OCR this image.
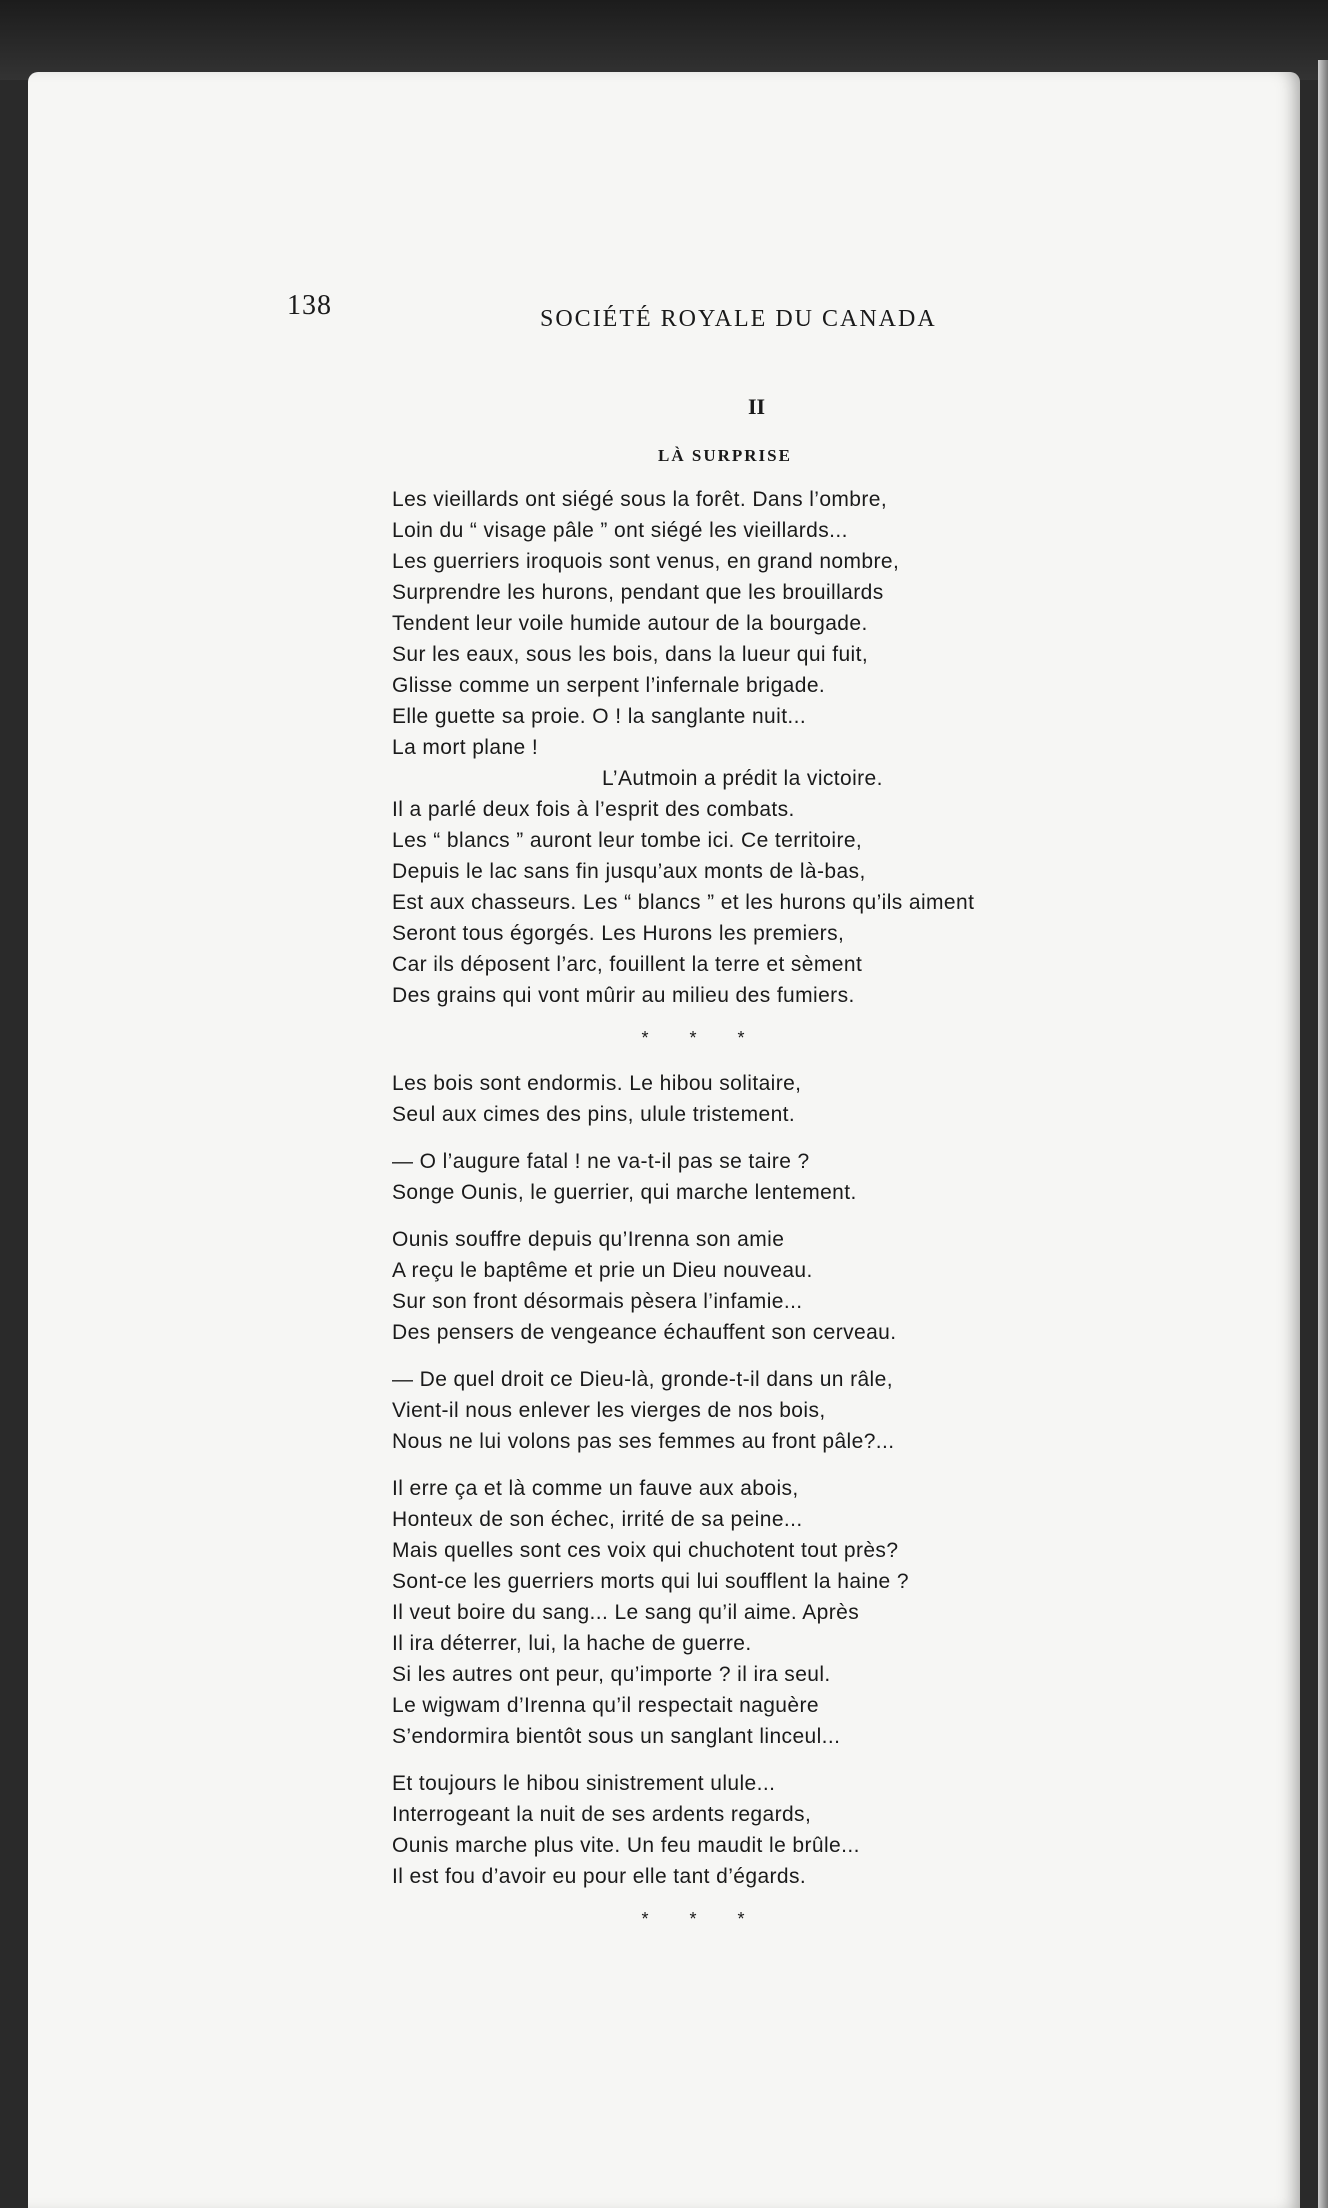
138	SOCIÉTÉ ROYALE DU CANADA
II
LÀ SURPRISE
Les vieillards ont siégé sous la forêt. Dans l’ombre,
Loin du “ visage pâle ” ont siégé les vieillards...
Les guerriers iroquois sont venus, en grand nombre,
Surprendre les hurons, pendant que les brouillards
Tendent leur voile humide autour de la bourgade.
Sur les eaux, sous les bois, dans la lueur qui fuit,
Glisse comme un serpent l’infernale brigade.
Elle guette sa proie. O ! la sanglante nuit...
La mort plane !
L’Autmoin a prédit la victoire.
Il a parlé deux fois à l’esprit des combats.
Les “ blancs ” auront leur tombe ici. Ce territoire,
Depuis le lac sans fin jusqu’aux monts de là-bas,
Est aux chasseurs. Les “ blancs ” et les hurons qu’ils aiment
Seront tous égorgés. Les Hurons les premiers,
Car ils déposent l’arc, fouillent la terre et sèment
Des grains qui vont mûrir au milieu des fumiers.
* * *
Les bois sont endormis. Le hibou solitaire,
Seul aux cimes des pins, ulule tristement.
— O l’augure fatal ! ne va-t-il pas se taire ?
Songe Ounis, le guerrier, qui marche lentement.
Ounis souffre depuis qu’Irenna son amie
A reçu le baptême et prie un Dieu nouveau.
Sur son front désormais pèsera l’infamie...
Des pensers de vengeance échauffent son cerveau.
— De quel droit ce Dieu-là, gronde-t-il dans un râle,
Vient-il nous enlever les vierges de nos bois,
Nous ne lui volons pas ses femmes au front pâle?...
Il erre ça et là comme un fauve aux abois,
Honteux de son échec, irrité de sa peine...
Mais quelles sont ces voix qui chuchotent tout près?
Sont-ce les guerriers morts qui lui soufflent la haine ?
Il veut boire du sang... Le sang qu’il aime. Après
Il ira déterrer, lui, la hache de guerre.
Si les autres ont peur, qu’importe ? il ira seul.
Le wigwam d’Irenna qu’il respectait naguère
S’endormira bientôt sous un sanglant linceul...
Et toujours le hibou sinistrement ulule...
Interrogeant la nuit de ses ardents regards,
Ounis marche plus vite. Un feu maudit le brûle...
Il est fou d’avoir eu pour elle tant d’égards.
* * *
